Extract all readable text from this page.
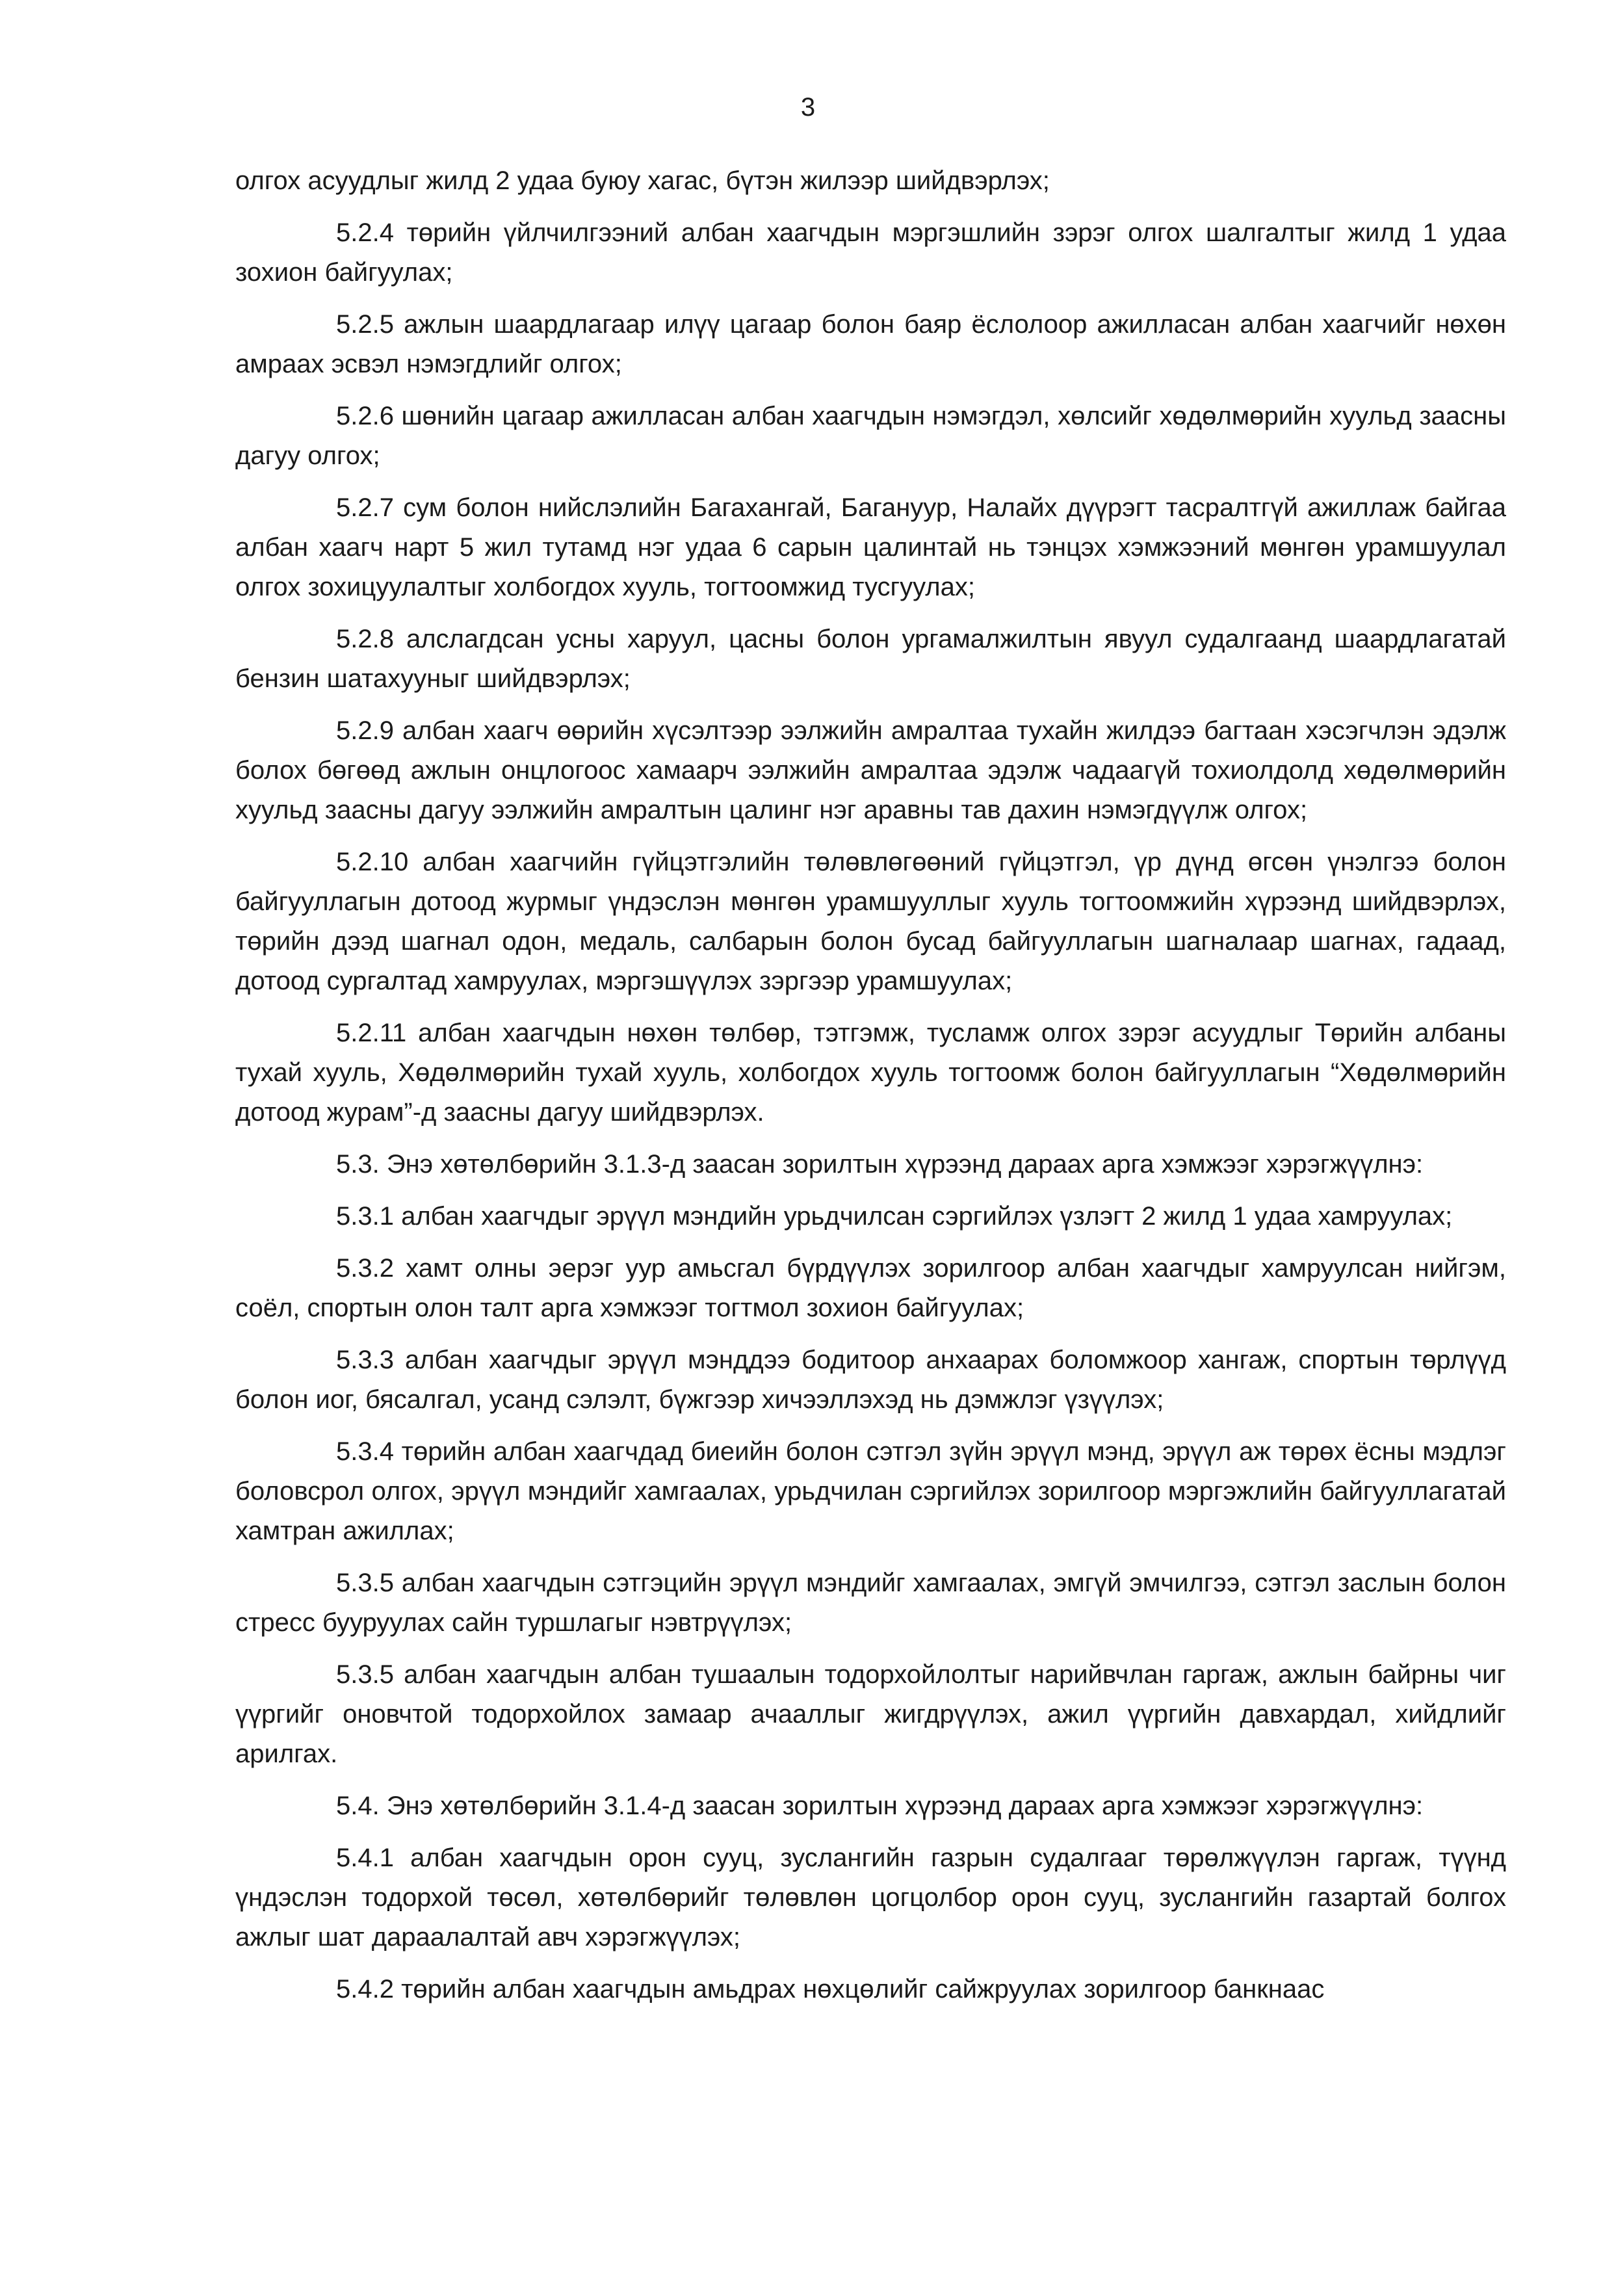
3

олгох асуудлыг жилд 2 удаа буюу хагас, бүтэн жилээр шийдвэрлэх;

5.2.4 төрийн үйлчилгээний албан хаагчдын мэргэшлийн зэрэг олгох шалгалтыг жилд 1 удаа зохион байгуулах;

5.2.5 ажлын шаардлагаар илүү цагаар болон баяр ёслолоор ажилласан албан хаагчийг нөхөн амраах эсвэл нэмэгдлийг олгох;

5.2.6 шөнийн цагаар ажилласан албан хаагчдын нэмэгдэл, хөлсийг хөдөлмөрийн хуульд заасны дагуу олгох;

5.2.7 сум болон нийслэлийн Багахангай, Багануур, Налайх дүүрэгт тасралтгүй ажиллаж байгаа албан хаагч нарт 5 жил тутамд нэг удаа 6 сарын цалинтай нь тэнцэх хэмжээний мөнгөн урамшуулал олгох зохицуулалтыг холбогдох хууль, тогтоомжид тусгуулах;

5.2.8 алслагдсан усны харуул, цасны болон ургамалжилтын явуул судалгаанд шаардлагатай бензин шатахууныг шийдвэрлэх;

5.2.9 албан хаагч өөрийн хүсэлтээр ээлжийн амралтаа тухайн жилдээ багтаан хэсэгчлэн эдэлж болох бөгөөд ажлын онцлогоос хамаарч ээлжийн амралтаа эдэлж чадаагүй тохиолдолд хөдөлмөрийн хуульд заасны дагуу ээлжийн амралтын цалинг нэг аравны тав дахин нэмэгдүүлж олгох;

5.2.10 албан хаагчийн гүйцэтгэлийн төлөвлөгөөний гүйцэтгэл, үр дүнд өгсөн үнэлгээ болон байгууллагын дотоод журмыг үндэслэн мөнгөн урамшууллыг хууль тогтоомжийн хүрээнд шийдвэрлэх, төрийн дээд шагнал одон, медаль, салбарын болон бусад байгууллагын шагналаар шагнах, гадаад, дотоод сургалтад хамруулах, мэргэшүүлэх зэргээр урамшуулах;

5.2.11 албан хаагчдын нөхөн төлбөр, тэтгэмж, тусламж олгох зэрэг асуудлыг Төрийн албаны тухай хууль, Хөдөлмөрийн тухай хууль, холбогдох хууль тогтоомж болон байгууллагын “Хөдөлмөрийн дотоод журам”-д заасны дагуу шийдвэрлэх.

5.3. Энэ хөтөлбөрийн 3.1.3-д заасан зорилтын хүрээнд дараах арга хэмжээг хэрэгжүүлнэ:

5.3.1 албан хаагчдыг эрүүл мэндийн урьдчилсан сэргийлэх үзлэгт 2 жилд 1 удаа хамруулах;

5.3.2 хамт олны эерэг уур амьсгал бүрдүүлэх зорилгоор албан хаагчдыг хамруулсан нийгэм, соёл, спортын олон талт арга хэмжээг тогтмол зохион байгуулах;

5.3.3 албан хаагчдыг эрүүл мэнддээ бодитоор анхаарах боломжоор хангаж, спортын төрлүүд болон иог, бясалгал, усанд сэлэлт, бүжгээр хичээллэхэд нь дэмжлэг үзүүлэх;

5.3.4 төрийн албан хаагчдад биеийн болон сэтгэл зүйн эрүүл мэнд, эрүүл аж төрөх ёсны мэдлэг боловсрол олгох, эрүүл мэндийг хамгаалах, урьдчилан сэргийлэх зорилгоор мэргэжлийн байгууллагатай хамтран ажиллах;

5.3.5 албан хаагчдын сэтгэцийн эрүүл мэндийг хамгаалах, эмгүй эмчилгээ, сэтгэл заслын болон стресс бууруулах сайн туршлагыг нэвтрүүлэх;

5.3.5 албан хаагчдын албан тушаалын тодорхойлолтыг нарийвчлан гаргаж, ажлын байрны чиг үүргийг оновчтой тодорхойлох замаар ачааллыг жигдрүүлэх, ажил үүргийн давхардал, хийдлийг арилгах.

5.4. Энэ хөтөлбөрийн 3.1.4-д заасан зорилтын хүрээнд дараах арга хэмжээг хэрэгжүүлнэ:

5.4.1 албан хаагчдын орон сууц, зуслангийн газрын судалгааг төрөлжүүлэн гаргаж, түүнд үндэслэн тодорхой төсөл, хөтөлбөрийг төлөвлөн цогцолбор орон сууц, зуслангийн газартай болгох ажлыг шат дараалалтай авч хэрэгжүүлэх;

5.4.2 төрийн албан хаагчдын амьдрах нөхцөлийг сайжруулах зорилгоор банкнаас
